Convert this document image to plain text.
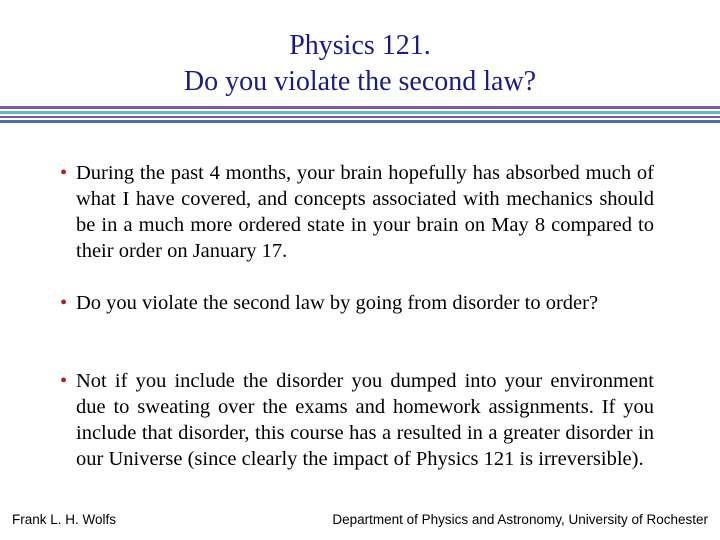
Physics 121.
Do you violate the second law?
• During the past 4 months, your brain hopefully has absorbed much of what I have covered, and concepts associated with mechanics should be in a much more ordered state in your brain on May 8 compared to their order on January 17.
• Do you violate the second law by going from disorder to order?
• Not if you include the disorder you dumped into your environment due to sweating over the exams and homework assignments. If you include that disorder, this course has a resulted in a greater disorder in our Universe (since clearly the impact of Physics 121 is irreversible).
Frank L. H. Wolfs	Department of Physics and Astronomy, University of Rochester
